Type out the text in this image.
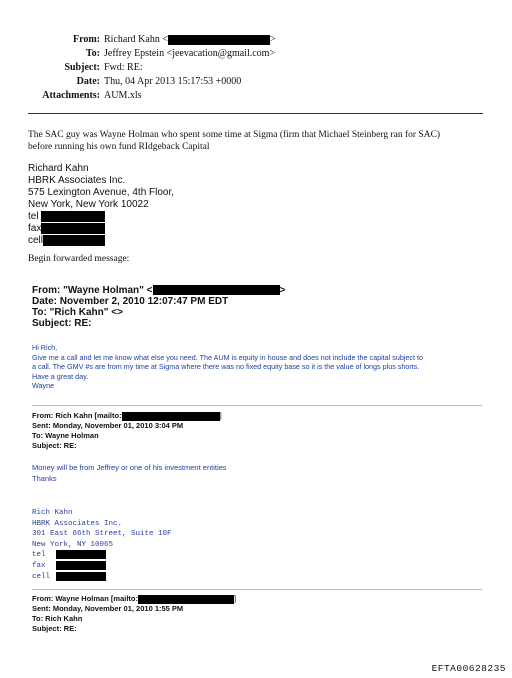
From: Richard Kahn <	>
To: Jeffrey Epstein <jeevacation@gmail.com>
Subject: Fwd: RE:
Date: Thu, 04 Apr 2013 15:17:53 +0000
Attachments: AUM.xls
The SAC guy was Wayne Holman who spent some time at Sigma (firm that Michael Steinberg ran for SAC)
before running his own fund RIdgeback Capital
Richard Kahn
HBRK Associates Inc.
575 Lexington Avenue, 4th Floor,
New York, New York 10022
tel
fax
cell
Begin forwarded message:
From: "Wayne Holman" <	>
Date: November 2, 2010 12:07:47 PM EDT
To: "Rich Kahn" <>
Subject: RE:
Hi Rich,
Give me a call and let me know what else you need. The AUM is equity in house and does not include the capital subject to
a call. The GMV #s are from my time at Sigma where there was no fixed equity base so it is the value of longs plus shorts.
Have a great day.
Wayne
From: Rich Kahn [mailto:	]
Sent: Monday, November 01, 2010 3:04 PM
To: Wayne Holman
Subject: RE:
Money will be from Jeffrey or one of his investment entities
Thanks
Rich Kahn
HBRK Associates Inc.
301 East 66th Street, Suite 10F
New York, NY 10065
tel
fax
cell
From: Wayne Holman [mailto:	]
Sent: Monday, November 01, 2010 1:55 PM
To: Rich Kahn
Subject: RE:
EFTA00628235
